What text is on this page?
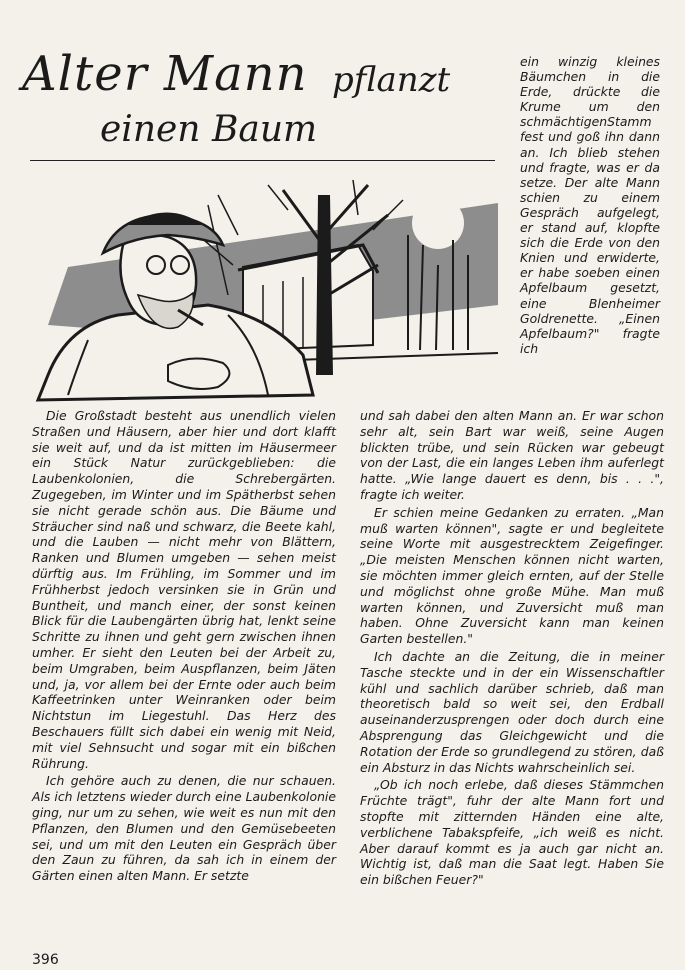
Alter Mann pflanzt
einen Baum

ein winzig kleines Bäumchen in die Erde, drückte die Krume um den schmächtigenStamm fest und goß ihn dann an. Ich blieb stehen und fragte, was er da setze. Der alte Mann schien zu einem Gespräch aufgelegt, er stand auf, klopfte sich die Erde von den Knien und erwiderte, er habe soeben einen Apfelbaum gesetzt, eine Blenheimer Goldrenette. „Einen Apfelbaum?" fragte ich

Die Großstadt besteht aus unendlich vielen Straßen und Häusern, aber hier und dort klafft sie weit auf, und da ist mitten im Häusermeer ein Stück Natur zurückgeblieben: die Laubenkolonien, die Schrebergärten. Zugegeben, im Winter und im Spätherbst sehen sie nicht gerade schön aus. Die Bäume und Sträucher sind naß und schwarz, die Beete kahl, und die Lauben — nicht mehr von Blättern, Ranken und Blumen umgeben — sehen meist dürftig aus. Im Frühling, im Sommer und im Frühherbst jedoch versinken sie in Grün und Buntheit, und manch einer, der sonst keinen Blick für die Laubengärten übrig hat, lenkt seine Schritte zu ihnen und geht gern zwischen ihnen umher. Er sieht den Leuten bei der Arbeit zu, beim Umgraben, beim Auspflanzen, beim Jäten und, ja, vor allem bei der Ernte oder auch beim Kaffeetrinken unter Weinranken oder beim Nichtstun im Liegestuhl. Das Herz des Beschauers füllt sich dabei ein wenig mit Neid, mit viel Sehnsucht und sogar mit ein bißchen Rührung.

Ich gehöre auch zu denen, die nur schauen. Als ich letztens wieder durch eine Laubenkolonie ging, nur um zu sehen, wie weit es nun mit den Pflanzen, den Blumen und den Gemüsebeeten sei, und um mit den Leuten ein Gespräch über den Zaun zu führen, da sah ich in einem der Gärten einen alten Mann. Er setzte

und sah dabei den alten Mann an. Er war schon sehr alt, sein Bart war weiß, seine Augen blickten trübe, und sein Rücken war gebeugt von der Last, die ein langes Leben ihm auferlegt hatte. „Wie lange dauert es denn, bis . . .", fragte ich weiter.

Er schien meine Gedanken zu erraten. „Man muß warten können", sagte er und begleitete seine Worte mit ausgestrecktem Zeigefinger. „Die meisten Menschen können nicht warten, sie möchten immer gleich ernten, auf der Stelle und möglichst ohne große Mühe. Man muß warten können, und Zuversicht muß man haben. Ohne Zuversicht kann man keinen Garten bestellen."

Ich dachte an die Zeitung, die in meiner Tasche steckte und in der ein Wissenschaftler kühl und sachlich darüber schrieb, daß man theoretisch bald so weit sei, den Erdball auseinanderzusprengen oder doch durch eine Absprengung das Gleichgewicht und die Rotation der Erde so grundlegend zu stören, daß ein Absturz in das Nichts wahrscheinlich sei.

„Ob ich noch erlebe, daß dieses Stämmchen Früchte trägt", fuhr der alte Mann fort und stopfte mit zitternden Händen eine alte, verblichene Tabakspfeife, „ich weiß es nicht. Aber darauf kommt es ja auch gar nicht an. Wichtig ist, daß man die Saat legt. Haben Sie ein bißchen Feuer?"

396
